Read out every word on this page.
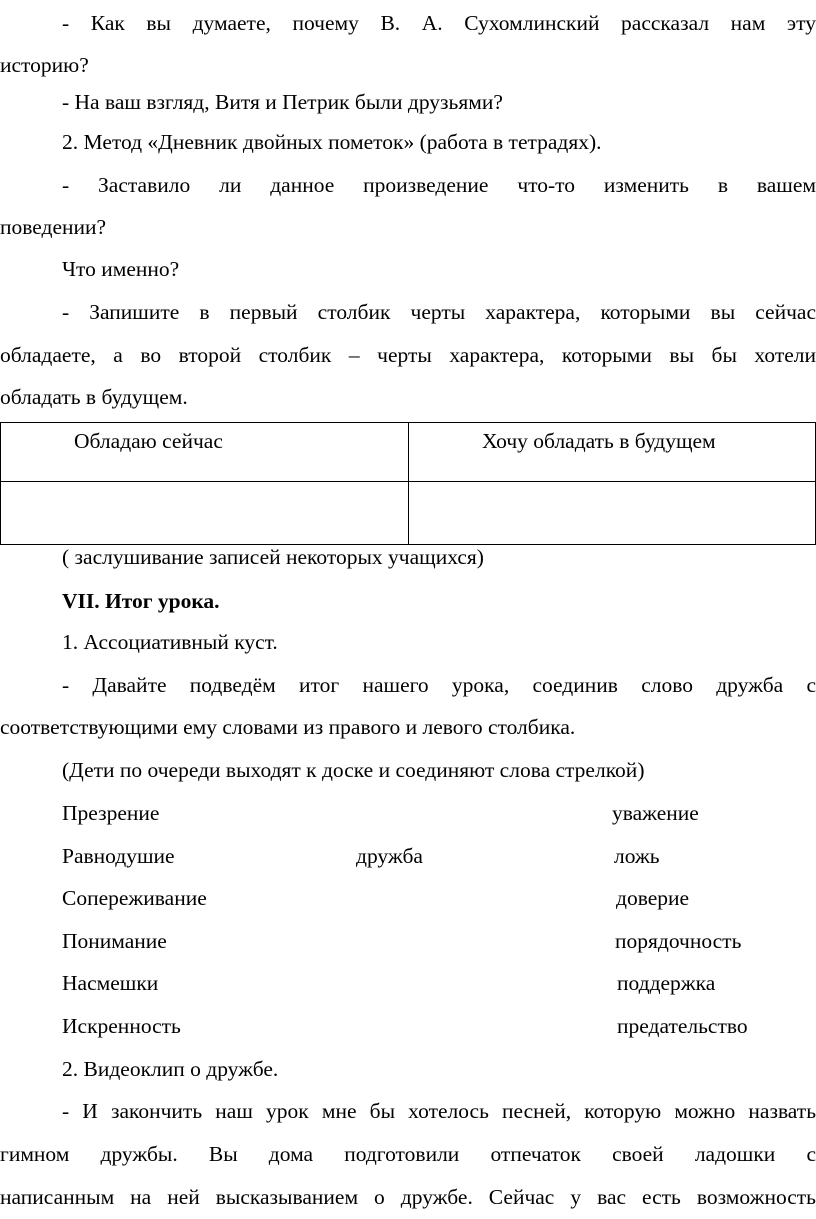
- Как вы думаете, почему В. А. Сухомлинский рассказал нам эту

историю?

- На ваш взгляд, Витя и Петрик были друзьями?

2. Метод «Дневник двойных пометок» (работа в тетрадях).

- Заставило ли данное произведение что-то изменить в вашем

поведении?

Что именно?

- Запишите в первый столбик черты характера, которыми вы сейчас
обладаете, а во второй столбик – черты характера, которыми вы бы хотели

обладать в будущем.

Обладаю сейчас	Хочу обладать в будущем

( заслушивание записей некоторых учащихся)

VII. Итог урока.

1. Ассоциативный куст.

- Давайте подведём итог нашего урока, соединив слово дружба с

соответствующими ему словами из правого и левого столбика.

(Дети по очереди выходят к доске и соединяют слова стрелкой)

Презрение	уважение

Равнодушие	дружба	ложь

Сопереживание	доверие

Понимание	порядочность

Насмешки	поддержка

Искренность	предательство

2. Видеоклип о дружбе.

- И закончить наш урок мне бы хотелось песней, которую можно назвать
гимном дружбы. Вы дома подготовили отпечаток своей ладошки с
написанным на ней высказыванием о дружбе. Сейчас у вас есть возможность
